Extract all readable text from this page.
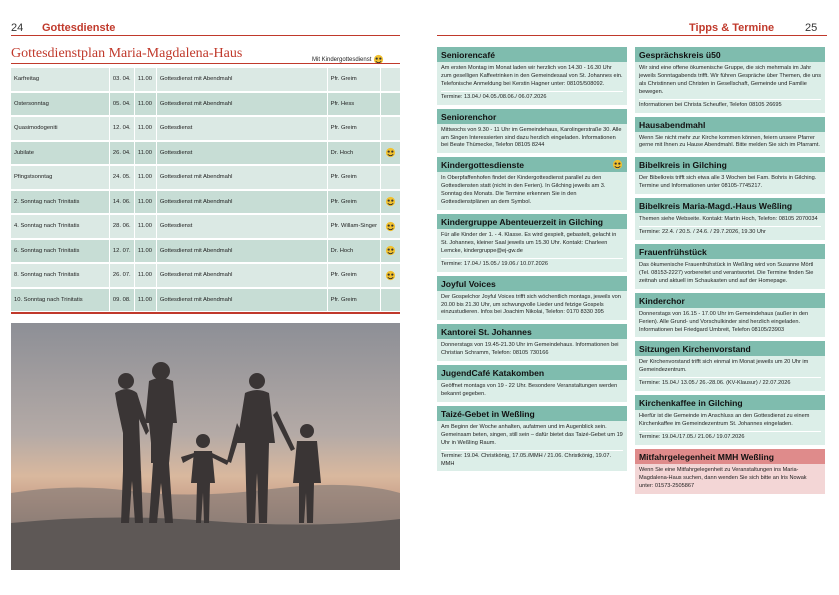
24 Gottesdienste	Tipps & Termine	25
Gottesdienstplan Maria-Magdalena-Haus	Mit Kindergottesdienst
Karfreitag	03. 04.	11.00	Gottesdienst mit Abendmahl	Pfr. Greim	
Ostersonntag	05. 04.	11.00	Gottesdienst mit Abendmahl	Pfr. Hess	
Quasimodogeniti	12. 04.	11.00	Gottesdienst	Pfr. Greim	
Jubilate	26. 04.	11.00	Gottesdienst	Dr. Hoch	
Pfingstsonntag	24. 05.	11.00	Gottesdienst mit Abendmahl	Pfr. Greim	
2. Sonntag nach Trinitatis	14. 06.	11.00	Gottesdienst mit Abendmahl	Pfr. Greim	
4. Sonntag nach Trinitatis	28. 06.	11.00	Gottesdienst	Pfr. Willam-Singer	
6. Sonntag nach Trinitatis	12. 07.	11.00	Gottesdienst mit Abendmahl	Dr. Hoch	
8. Sonntag nach Trinitatis	26. 07.	11.00	Gottesdienst mit Abendmahl	Pfr. Greim	
10. Sonntag nach Trinitatis	09. 08.	11.00	Gottesdienst mit Abendmahl	Pfr. Greim	
Seniorencafé

Am ersten Montag im Monat laden wir herzlich von 14.30 - 16.30 Uhr zum geselligen Kaffeetrinken in den Gemeindesaal von St. Johannes ein. Telefonische Anmeldung bei Kerstin Hagner unter: 08105/508092.

Termine: 13.04./ 04.05./08.06./ 06.07.2026

Seniorenchor

Mittwochs von 9.30 - 11 Uhr im Gemeindehaus, Karolingerstraße 30. Alle am Singen Interessierten sind dazu herzlich eingeladen. Informationen bei Beate Thümecke, Telefon 08105 8244

Kindergottesdienste

In Oberpfaffenhofen findet der Kindergottesdienst parallel zu den Gottesdiensten statt (nicht in den Ferien). In Gilching jeweils am 3. Sonntag des Monats. Die Termine erkennen Sie in den Gottesdienstplänen an dem Symbol.

Kindergruppe Abenteuerzeit in Gilching

Für alle Kinder der 1. - 4. Klasse. Es wird gespielt, gebastelt, gelacht in St. Johannes, kleiner Saal jeweils um 15.30 Uhr. Kontakt: Charleen Lemcke, kindergruppe@ej-gw.de

Termine: 17.04./ 15.05./ 19.06./ 10.07.2026

Joyful Voices

Der Gospelchor Joyful Voices trifft sich wöchentlich montags, jeweils von 20.00 bis 21.30 Uhr, um schwungvolle Lieder und fetzige Gospels einzustudieren. Infos bei Joachim Nikolai, Telefon: 0170 8330 395

Kantorei St. Johannes

Donnerstags von 19.45-21.30 Uhr im Gemeindehaus. Informationen bei Christian Schramm, Telefon: 08105 730166

JugendCafé Katakomben

Geöffnet montags von 19 - 22 Uhr. Besondere Veranstaltungen werden bekannt gegeben.

Taizé-Gebet in Weßling

Am Beginn der Woche anhalten, aufatmen und im Augenblick sein. Gemeinsam beten, singen, still sein – dafür bietet das Taizé-Gebet um 19 Uhr in Weßling Raum.

Termine: 19.04. Christkönig, 17.05./MMH / 21.06. Christkönig, 19.07. MMH

Gesprächskreis ü50

Wir sind eine offene ökumenische Gruppe, die sich mehrmals im Jahr jeweils Sonntagabends trifft. Wir führen Gespräche über Themen, die uns als Christinnen und Christen in Gesellschaft, Gemeinde und Familie bewegen.

Informationen bei Christa Scheufler, Telefon 08105 26695

Hausabendmahl

Wenn Sie nicht mehr zur Kirche kommen können, feiern unsere Pfarrer gerne mit Ihnen zu Hause Abendmahl. Bitte melden Sie sich im Pfarramt.

Bibelkreis in Gilching

Der Bibelkreis trifft sich etwa alle 3 Wochen bei Fam. Bohris in Gilching. Termine und Informationen unter 08105-7745217.

Bibelkreis Maria-Magd.-Haus Weßling

Themen siehe Webseite. Kontakt: Martin Hoch, Telefon: 08105 2070034

Termine: 22.4. / 20.5. / 24.6. / 29.7.2026, 19.30 Uhr

Frauenfrühstück

Das ökumenische Frauenfrühstück in Weßling wird von Susanne Mörtl (Tel. 08153-2227) vorbereitet und verantwortet. Die Termine finden Sie zeitnah und aktuell im Schaukasten und auf der Homepage.

Kinderchor

Donnerstags von 16.15 - 17.00 Uhr im Gemeindehaus (außer in den Ferien). Alle Grund- und Vorschulkinder sind herzlich eingeladen. Informationen bei Friedgard Umbreit, Telefon 08105/23903

Sitzungen Kirchenvorstand

Der Kirchenvorstand trifft sich einmal im Monat jeweils um 20 Uhr im Gemeindezentrum.

Termine: 15.04./ 13.05./ 26.-28.06. (KV-Klausur) / 22.07.2026

Kirchenkaffee in Gilching

Hierfür ist die Gemeinde im Anschluss an den Gottesdienst zu einem Kirchenkaffee im Gemeindezentrum St. Johannes eingeladen.

Termine: 19.04./17.05./ 21.06./ 19.07.2026

Mitfahrgelegenheit MMH Weßling

Wenn Sie eine Mitfahrgelegenheit zu Veranstaltungen ins Maria-Magdalena-Haus suchen, dann wenden Sie sich bitte an Iris Nowak unter: 01573-2505867
